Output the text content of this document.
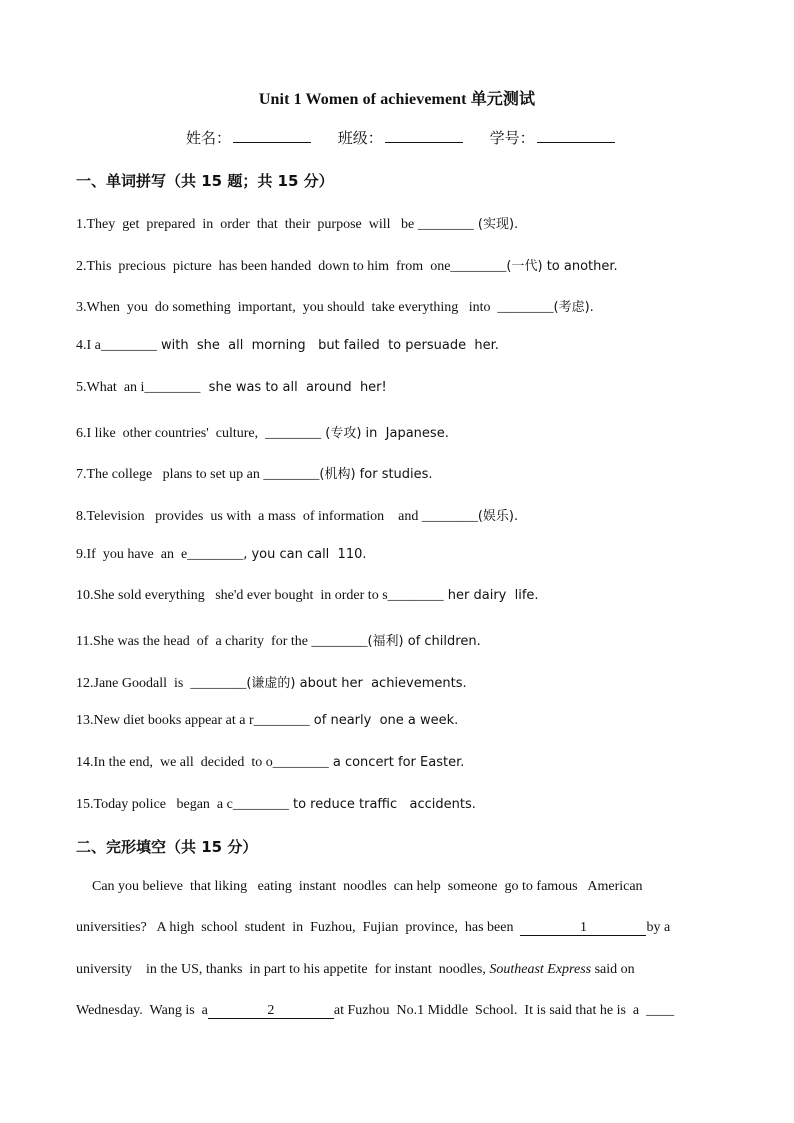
Unit 1 Women of achievement 单元测试
姓名：	班级：	学号：
一、单词拼写（共 15 题；共 15 分）
1.They  get  prepared  in  order  that  their  purpose  will   be ________ (实现).
2.This  precious  picture  has been handed  down to him  from  one________(一代) to another.
3.When  you  do something  important,  you should  take everything   into  ________(考虑).
4.I a________ with  she  all  morning   but failed  to persuade  her.
5.What  an i________  she was to all  around  her!
6.I like  other countries'  culture,  ________ (专攻) in  Japanese.
7.The college   plans to set up an ________(机构) for studies.
8.Television   provides  us with  a mass  of information    and ________(娱乐).
9.If  you have  an  e________, you can call  110.
10.She sold everything   she'd ever bought  in order to s________ her dairy  life.
11.She was the head  of  a charity  for the ________(福利) of children.
12.Jane Goodall  is  ________(谦虚的) about her  achievements.
13.New diet books appear at a r________ of nearly  one a week.
14.In the end,  we all  decided  to o________ a concert for Easter.
15.Today police   began  a c________ to reduce traffic   accidents.
二、完形填空（共 15 分）
Can you believe  that liking   eating  instant  noodles  can help  someone  go to famous   American
universities?   A high  school  student  in  Fuzhou,  Fujian  province,  has been	1	by a
university    in the US, thanks  in part to his appetite  for instant  noodles, Southeast Express said on
Wednesday.  Wang is  a	2	at Fuzhou  No.1 Middle  School.  It is said that he is  a  ____
